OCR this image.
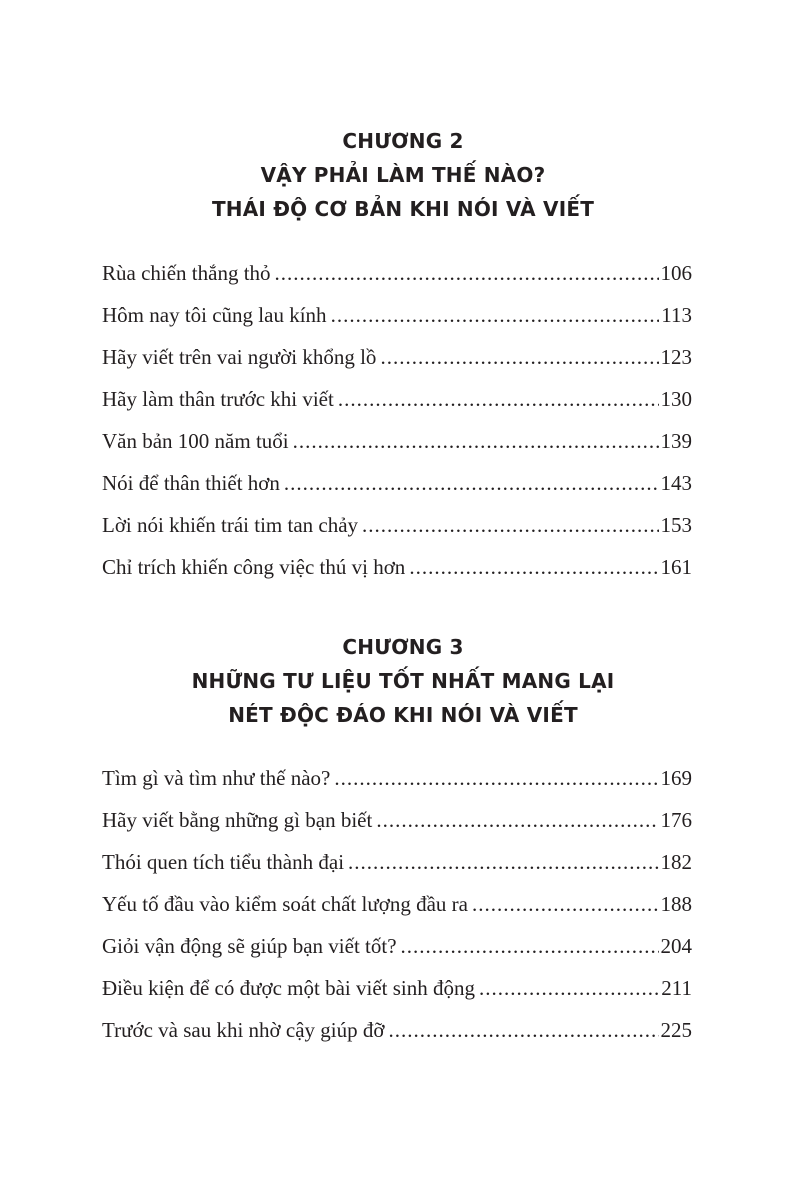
CHƯƠNG 2
VẬY PHẢI LÀM THẾ NÀO?
THÁI ĐỘ CƠ BẢN KHI NÓI VÀ VIẾT
Rùa chiến thắng thỏ .....	106
Hôm nay tôi cũng lau kính .....	113
Hãy viết trên vai người khổng lồ .....	123
Hãy làm thân trước khi viết .....	130
Văn bản 100 năm tuổi .....	139
Nói để thân thiết hơn .....	143
Lời nói khiến trái tim tan chảy .....	153
Chỉ trích khiến công việc thú vị hơn .....	161
CHƯƠNG 3
NHỮNG TƯ LIỆU TỐT NHẤT MANG LẠI
NÉT ĐỘC ĐÁO KHI NÓI VÀ VIẾT
Tìm gì và tìm như thế nào? .....	169
Hãy viết bằng những gì bạn biết .....	176
Thói quen tích tiểu thành đại .....	182
Yếu tố đầu vào kiểm soát chất lượng đầu ra .....	188
Giỏi vận động sẽ giúp bạn viết tốt? .....	204
Điều kiện để có được một bài viết sinh động .....	211
Trước và sau khi nhờ cậy giúp đỡ .....	225
